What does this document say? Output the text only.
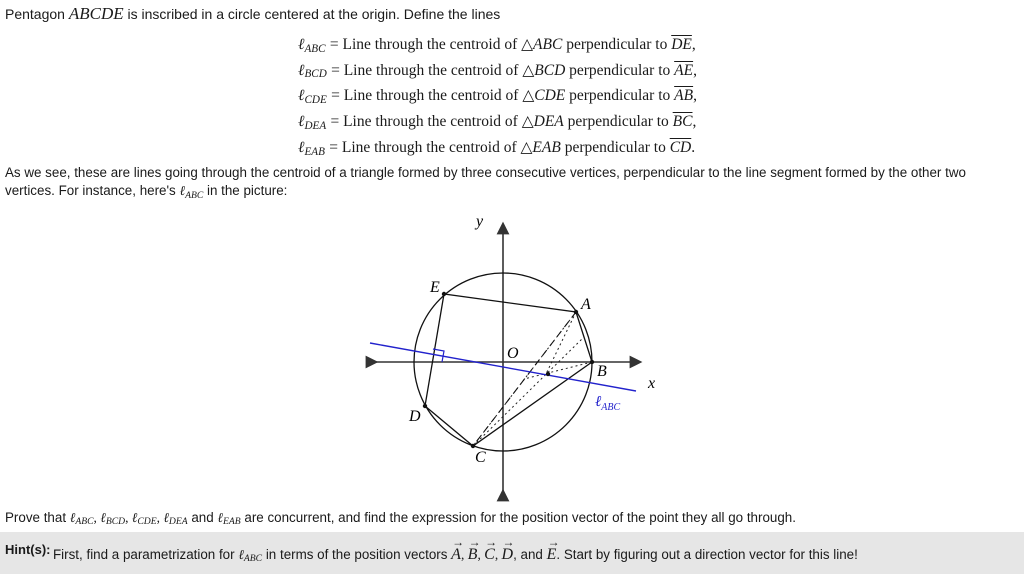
Pentagon ABCDE is inscribed in a circle centered at the origin. Define the lines
ℓABC = Line through the centroid of △ABC perpendicular to $\overline{DE}$,
ℓBCD = Line through the centroid of △BCD perpendicular to $\overline{AE}$,
ℓCDE = Line through the centroid of △CDE perpendicular to $\overline{AB}$,
ℓDEA = Line through the centroid of △DEA perpendicular to $\overline{BC}$,
ℓEAB = Line through the centroid of △EAB perpendicular to $\overline{CD}$.
As we see, these are lines going through the centroid of a triangle formed by three consecutive vertices, perpendicular to the line segment formed by the other two vertices. For instance, here's ℓABC in the picture:
y
x
O
A
B
C
D
E
ℓ$_{ABC}$
Prove that ℓABC, ℓBCD, ℓCDE, ℓDEA and ℓEAB are concurrent, and find the expression for the position vector of the point they all go through.
Hint(s): First, find a parametrization for ℓABC in terms of the position vectors → A, → B, → C, → D, and → E. Start by figuring out a direction vector for this line!
